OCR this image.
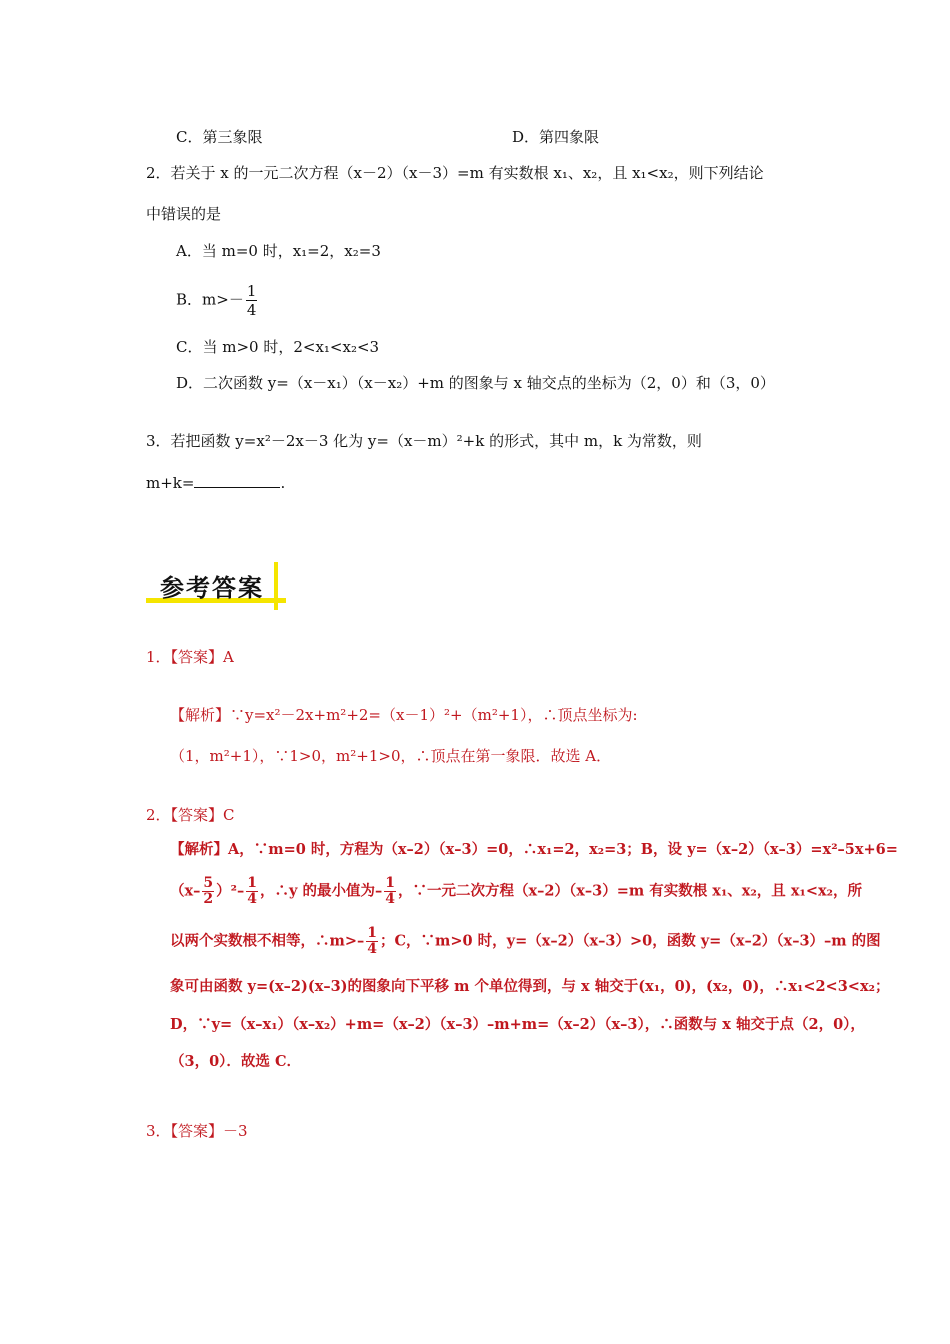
C．第三象限	D．第四象限
2．若关于 x 的一元二次方程（x－2）（x－3）=m 有实数根 x₁、x₂，且 x₁<x₂，则下列结论
中错误的是
A．当 m=0 时，x₁=2，x₂=3
B．$m>- \frac{1}{4}$
C．当 m>0 时，2<x₁<x₂<3
D．二次函数 y=（x－x₁）（x－x₂）+m 的图象与 x 轴交点的坐标为（2，0）和（3，0）
3．若把函数 y=x²－2x－3 化为 y=（x－m）²+k 的形式，其中 m，k 为常数，则
m+k=	.
参考答案
1．【答案】A
【解析】∵y=x²－2x+m²+2=（x－1）²+（m²+1），∴顶点坐标为:
（1，m²+1），∵1>0，m²+1>0，∴顶点在第一象限．故选 A．
2．【答案】C
【解析】A，∵m=0 时，方程为（x–2）（x–3）=0，∴x₁=2，x₂=3；B，设 y=（x–2）（x–3）=x²–5x+6=
$(x- \frac{5}{2} )^2- \frac{1}{4}$ ，∴y 的最小值为– $\frac{1}{4}$ ，∵一元二次方程（x–2）（x–3）=m 有实数根 x₁、x₂，且 x₁<x₂，所
以两个实数根不相等，∴m>– $\frac{1}{4}$ ；C，∵m>0 时，y=（x–2）（x–3）>0，函数 y=（x–2）（x–3）–m 的图
象可由函数 y=(x–2)(x–3)的图象向下平移 m 个单位得到，与 x 轴交于(x₁，0)，(x₂，0)，∴x₁<2<3<x₂；
D，∵y=（x–x₁）（x–x₂）+m=（x–2）（x–3）–m+m=（x–2）（x–3），∴函数与 x 轴交于点（2，0），
（3，0）．故选 C．
3．【答案】－3
